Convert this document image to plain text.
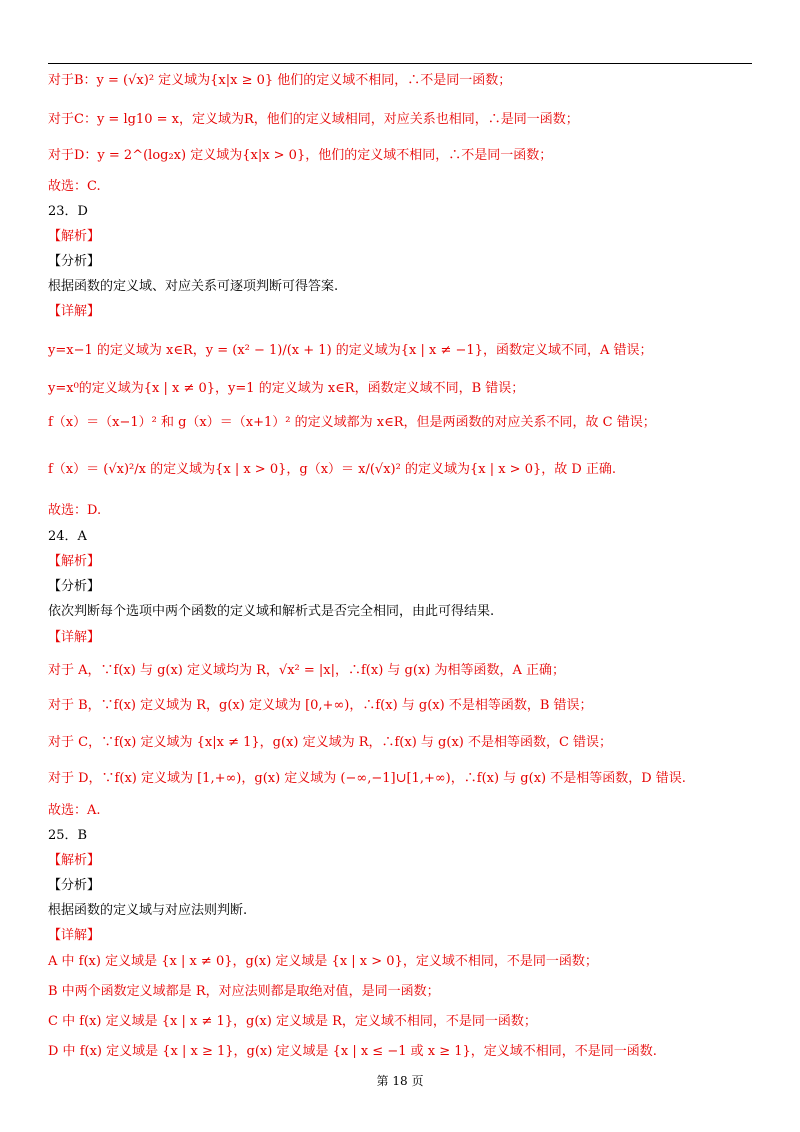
对于B：y = (√x)² 定义域为{x|x ≥ 0} 他们的定义域不相同，∴不是同一函数；
对于C：y = lg10 = x，定义域为R，他们的定义域相同，对应关系也相同，∴是同一函数；
对于D：y = 2^(log₂x) 定义域为{x|x > 0}，他们的定义域不相同，∴不是同一函数；
故选：C.
23．D
【解析】
【分析】
根据函数的定义域、对应关系可逐项判断可得答案.
【详解】
y=x−1 的定义域为 x∈R，y = (x² − 1)/(x + 1) 的定义域为{x | x ≠ −1}，函数定义域不同，A 错误；
y=x⁰的定义域为{x | x ≠ 0}，y=1 的定义域为 x∈R，函数定义域不同，B 错误；
f（x）＝（x−1）² 和 g（x）＝（x+1）² 的定义域都为 x∈R，但是两函数的对应关系不同，故 C 错误；
f（x）＝ (√x)²/x 的定义域为{x | x > 0}，g（x）＝ x/(√x)² 的定义域为{x | x > 0}，故 D 正确.
故选：D.
24．A
【解析】
【分析】
依次判断每个选项中两个函数的定义域和解析式是否完全相同，由此可得结果.
【详解】
对于 A，∵f(x) 与 g(x) 定义域均为 R，√x² = |x|，∴f(x) 与 g(x) 为相等函数，A 正确；
对于 B，∵f(x) 定义域为 R，g(x) 定义域为 [0,+∞)，∴f(x) 与 g(x) 不是相等函数，B 错误；
对于 C，∵f(x) 定义域为 {x|x ≠ 1}，g(x) 定义域为 R，∴f(x) 与 g(x) 不是相等函数，C 错误；
对于 D，∵f(x) 定义域为 [1,+∞)，g(x) 定义域为 (−∞,−1]∪[1,+∞)，∴f(x) 与 g(x) 不是相等函数，D 错误.
故选：A.
25．B
【解析】
【分析】
根据函数的定义域与对应法则判断.
【详解】
A 中 f(x) 定义域是 {x | x ≠ 0}，g(x) 定义域是 {x | x > 0}，定义域不相同，不是同一函数；
B 中两个函数定义域都是 R，对应法则都是取绝对值，是同一函数；
C 中 f(x) 定义域是 {x | x ≠ 1}，g(x) 定义域是 R，定义域不相同，不是同一函数；
D 中 f(x) 定义域是 {x | x ≥ 1}，g(x) 定义域是 {x | x ≤ −1 或 x ≥ 1}，定义域不相同，不是同一函数.
第 18 页
